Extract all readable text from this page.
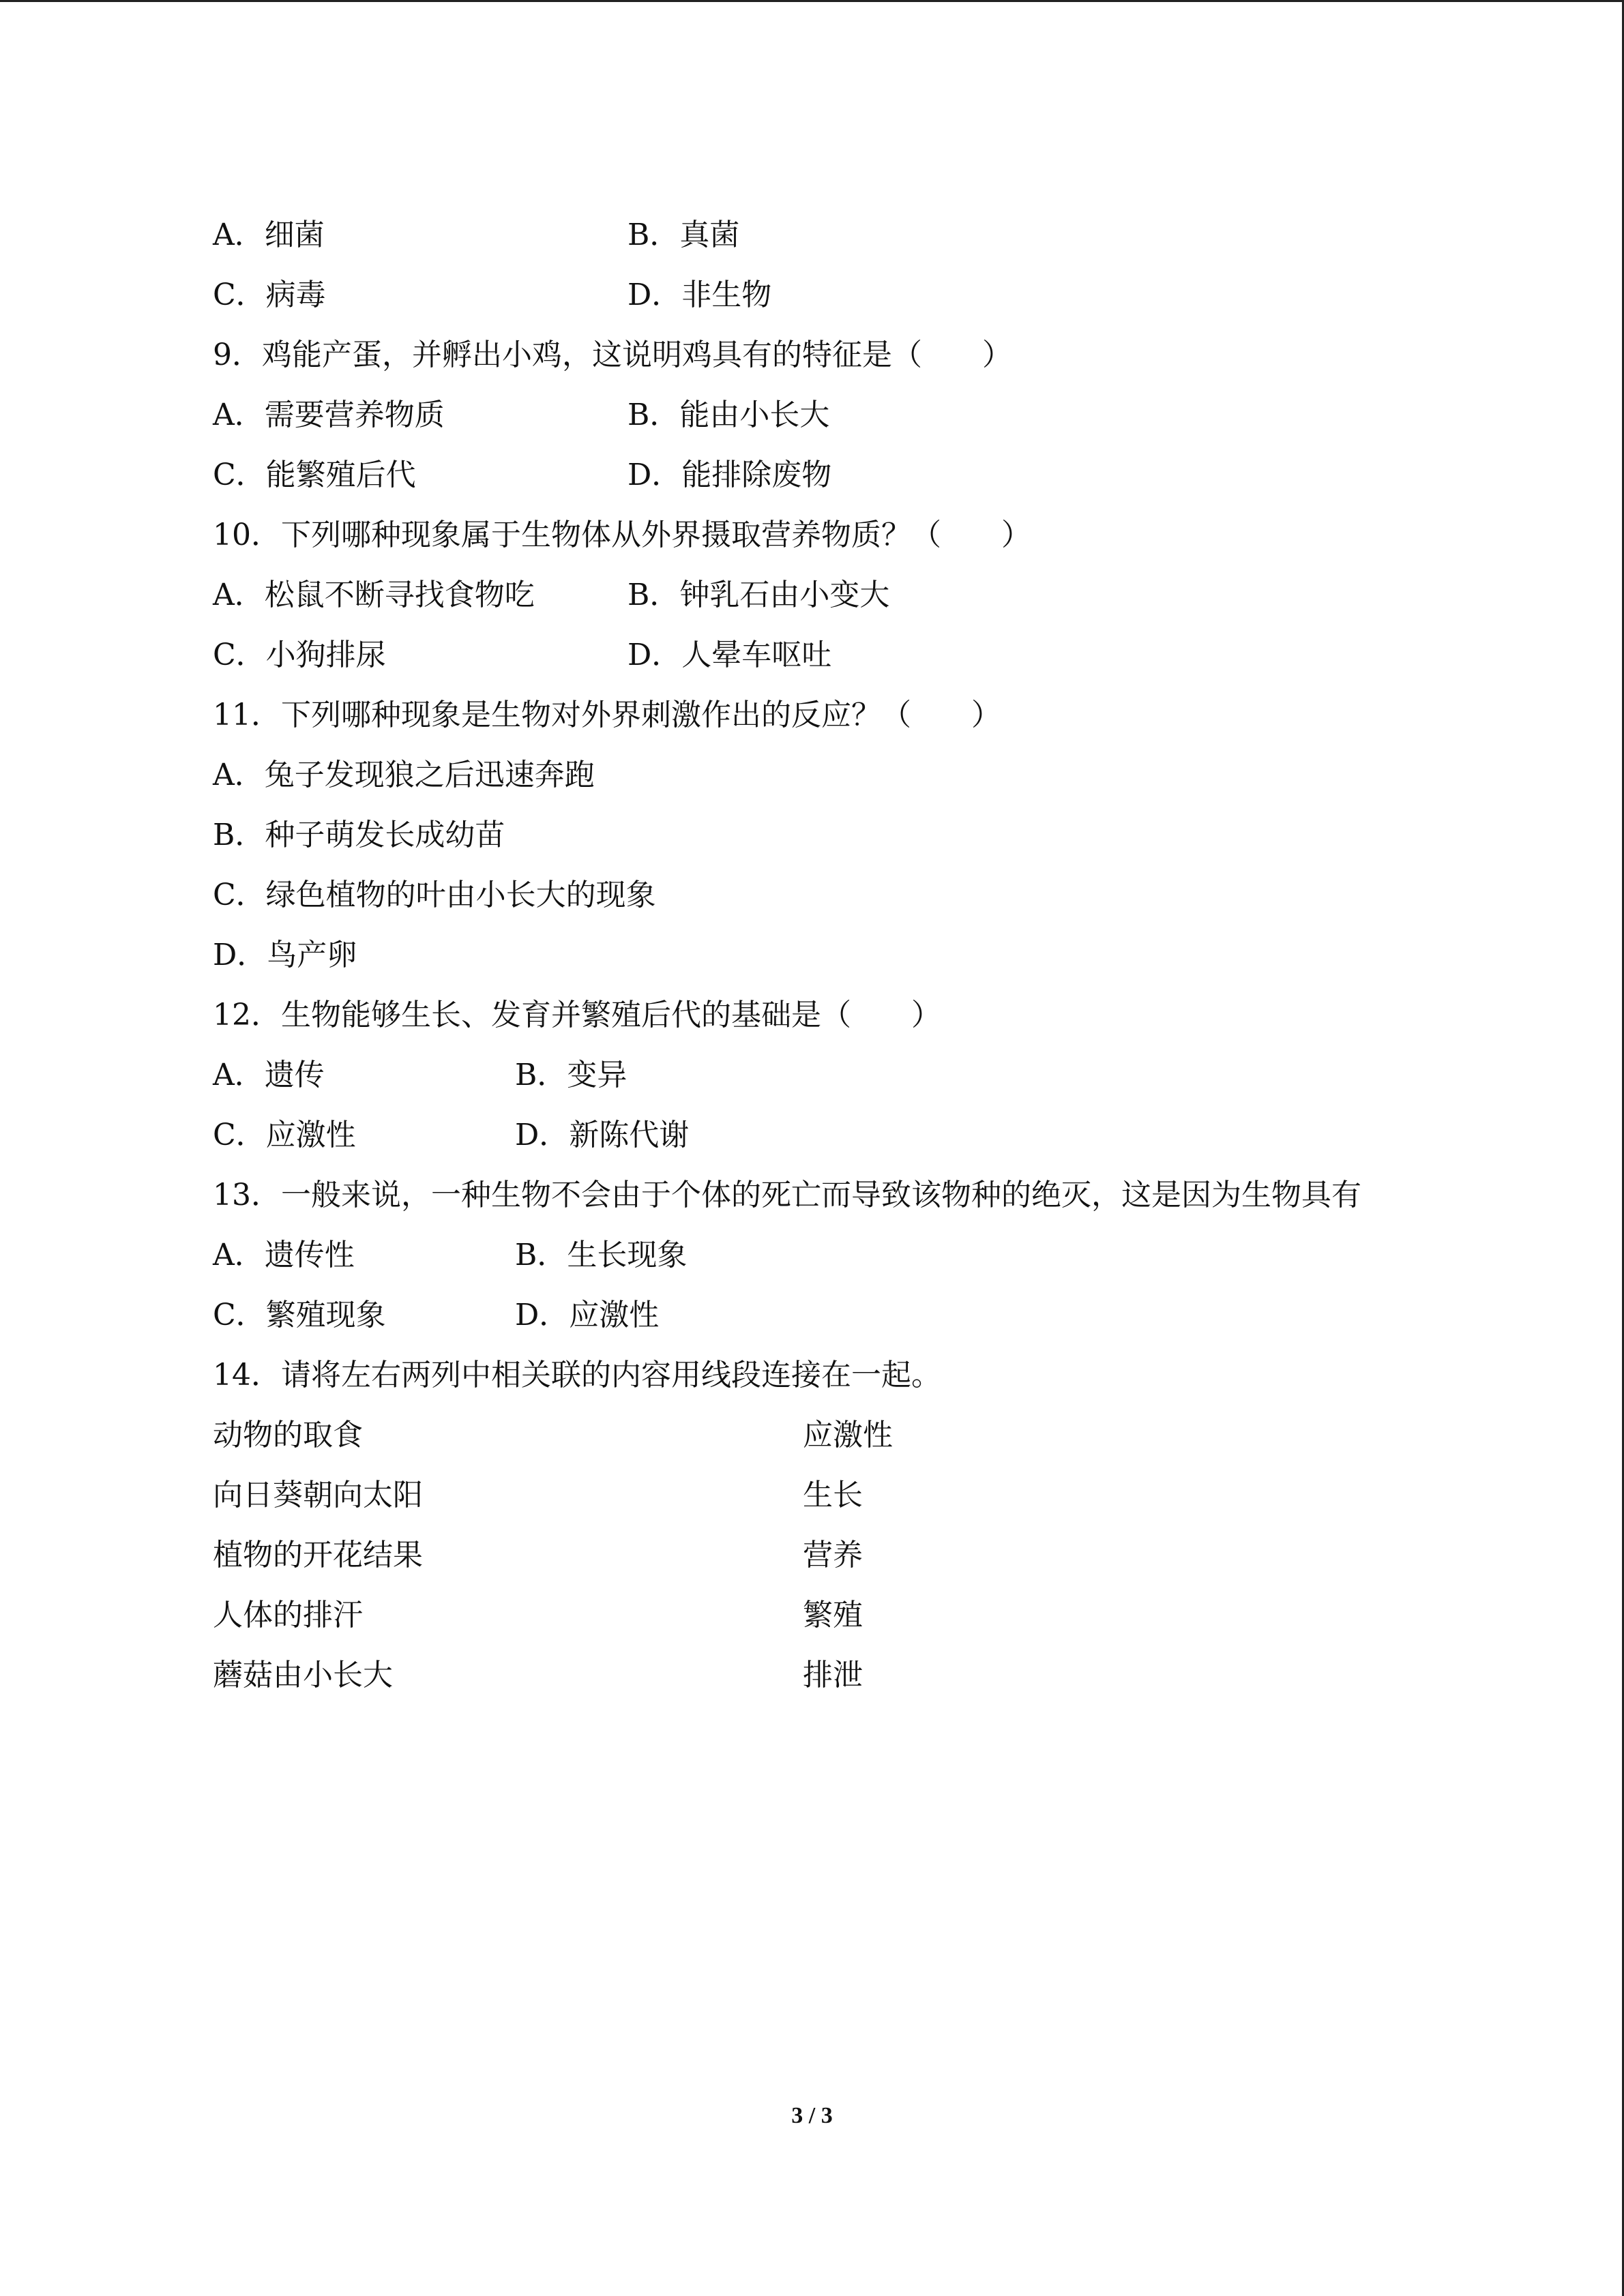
A．细菌	B．真菌
C．病毒	D．非生物
9．鸡能产蛋，并孵出小鸡，这说明鸡具有的特征是（　　）
A．需要营养物质	B．能由小长大
C．能繁殖后代	D．能排除废物
10．下列哪种现象属于生物体从外界摄取营养物质？（　　）
A．松鼠不断寻找食物吃	B．钟乳石由小变大
C．小狗排尿	D．人晕车呕吐
11．下列哪种现象是生物对外界刺激作出的反应？（　　）
A．兔子发现狼之后迅速奔跑
B．种子萌发长成幼苗
C．绿色植物的叶由小长大的现象
D．鸟产卵
12．生物能够生长、发育并繁殖后代的基础是（　　）
A．遗传	B．变异
C．应激性	D．新陈代谢
13．一般来说，一种生物不会由于个体的死亡而导致该物种的绝灭，这是因为生物具有
A．遗传性	B．生长现象
C．繁殖现象	D．应激性
14．请将左右两列中相关联的内容用线段连接在一起。
动物的取食	应激性
向日葵朝向太阳	生长
植物的开花结果	营养
人体的排汗	繁殖
蘑菇由小长大	排泄
3 / 3
